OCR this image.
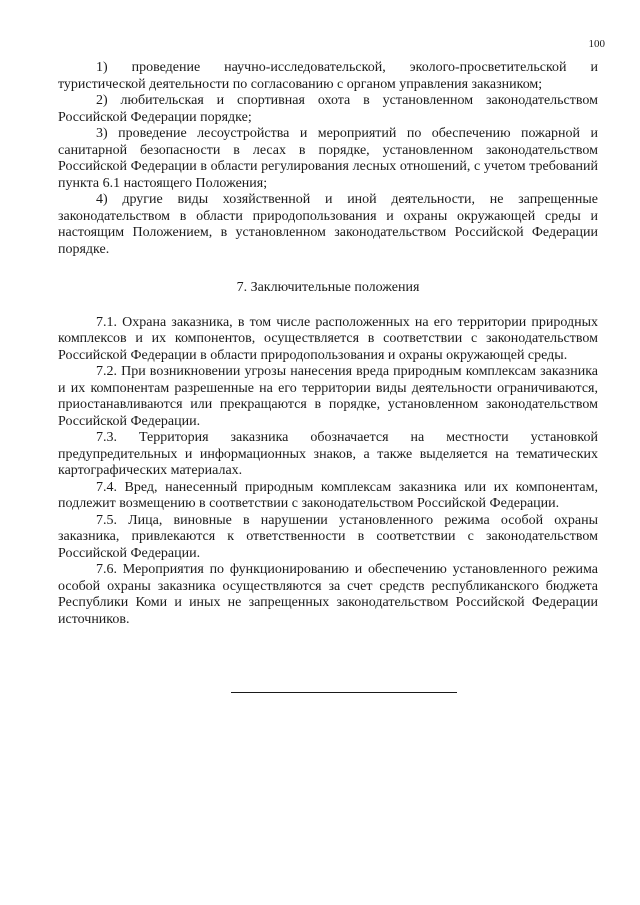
100

1) проведение научно-исследовательской, эколого-просветительской и туристической деятельности по согласованию с органом управления заказником;

2) любительская и спортивная охота в установленном законодательством Российской Федерации порядке;

3) проведение лесоустройства и мероприятий по обеспечению пожарной и санитарной безопасности в лесах в порядке, установленном законодательством Российской Федерации в области регулирования лесных отношений, с учетом требований пункта 6.1 настоящего Положения;

4) другие виды хозяйственной и иной деятельности, не запрещенные законодательством в области природопользования и охраны окружающей среды и настоящим Положением, в установленном законодательством Российской Федерации порядке.

7. Заключительные положения

7.1. Охрана заказника, в том числе расположенных на его территории природных комплексов и их компонентов, осуществляется в соответствии с законодательством Российской Федерации в области природопользования и охраны окружающей среды.

7.2. При возникновении угрозы нанесения вреда природным комплексам заказника и их компонентам разрешенные на его территории виды деятельности ограничиваются, приостанавливаются или прекращаются в порядке, установленном законодательством Российской Федерации.

7.3. Территория заказника обозначается на местности установкой предупредительных и информационных знаков, а также выделяется на тематических картографических материалах.

7.4. Вред, нанесенный природным комплексам заказника или их компонентам, подлежит возмещению в соответствии с законодательством Российской Федерации.

7.5. Лица, виновные в нарушении установленного режима особой охраны заказника, привлекаются к ответственности в соответствии с законодательством Российской Федерации.

7.6. Мероприятия по функционированию и обеспечению установленного режима особой охраны заказника осуществляются за счет средств республиканского бюджета Республики Коми и иных не запрещенных законодательством Российской Федерации источников.
